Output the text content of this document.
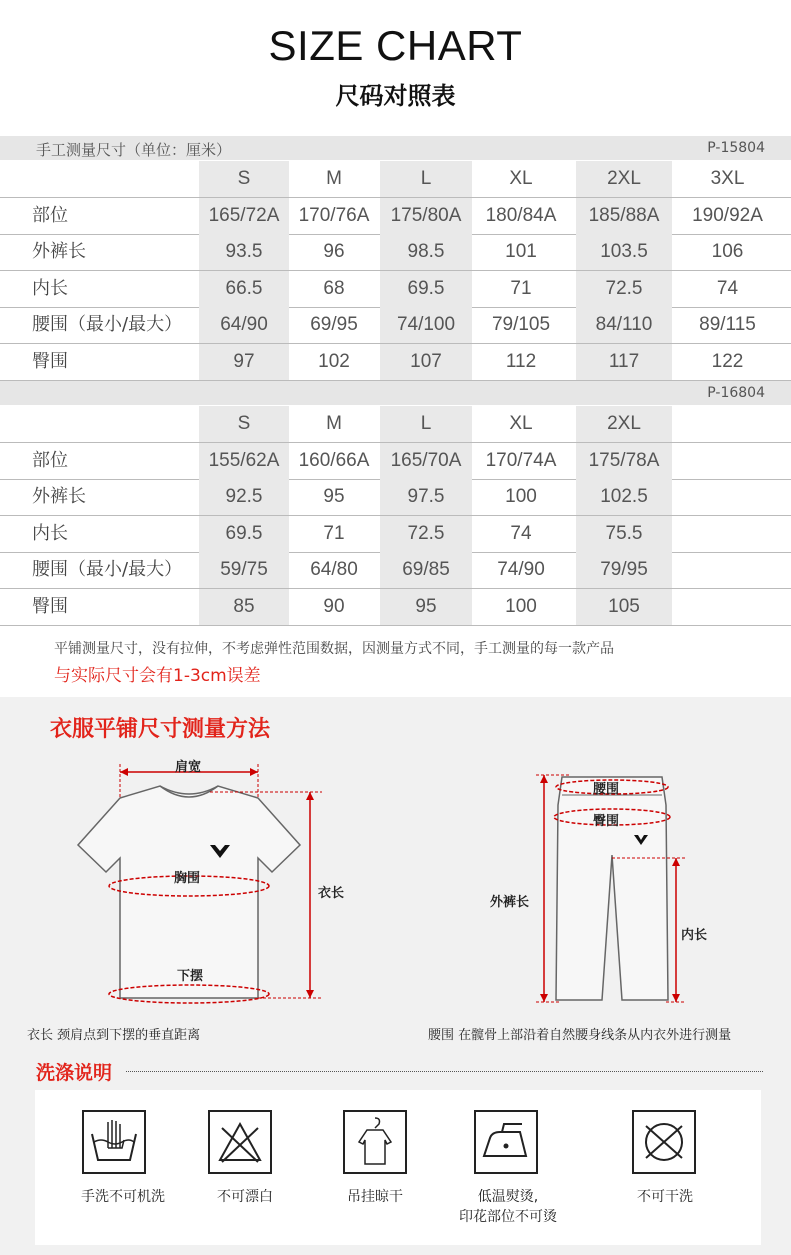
SIZE CHART
尺码对照表
手工测量尺寸（单位：厘米）	P-15804
S	M	L	XL	2XL	3XL
部位	165/72A	170/76A	175/80A	180/84A	185/88A	190/92A
外裤长	93.5	96	98.5	101	103.5	106
内长	66.5	68	69.5	71	72.5	74
腰围（最小/最大）	64/90	69/95	74/100	79/105	84/110	89/115
臀围	97	102	107	112	117	122
P-16804
S	M	L	XL	2XL
部位	155/62A	160/66A	165/70A	170/74A	175/78A
外裤长	92.5	95	97.5	100	102.5
内长	69.5	71	72.5	74	75.5
腰围（最小/最大）	59/75	64/80	69/85	74/90	79/95
臀围	85	90	95	100	105
平铺测量尺寸，没有拉伸，不考虑弹性范围数据，因测量方式不同，手工测量的每一款产品
与实际尺寸会有1-3cm误差
衣服平铺尺寸测量方法
肩宽
胸围
衣长
下摆
腰围
臀围
外裤长
内长
衣长 颈肩点到下摆的垂直距离	腰围 在髋骨上部沿着自然腰身线条从内衣外进行测量
洗涤说明
手洗不可机洗	不可漂白	吊挂晾干	低温熨烫,
印花部位不可烫
不可干洗
